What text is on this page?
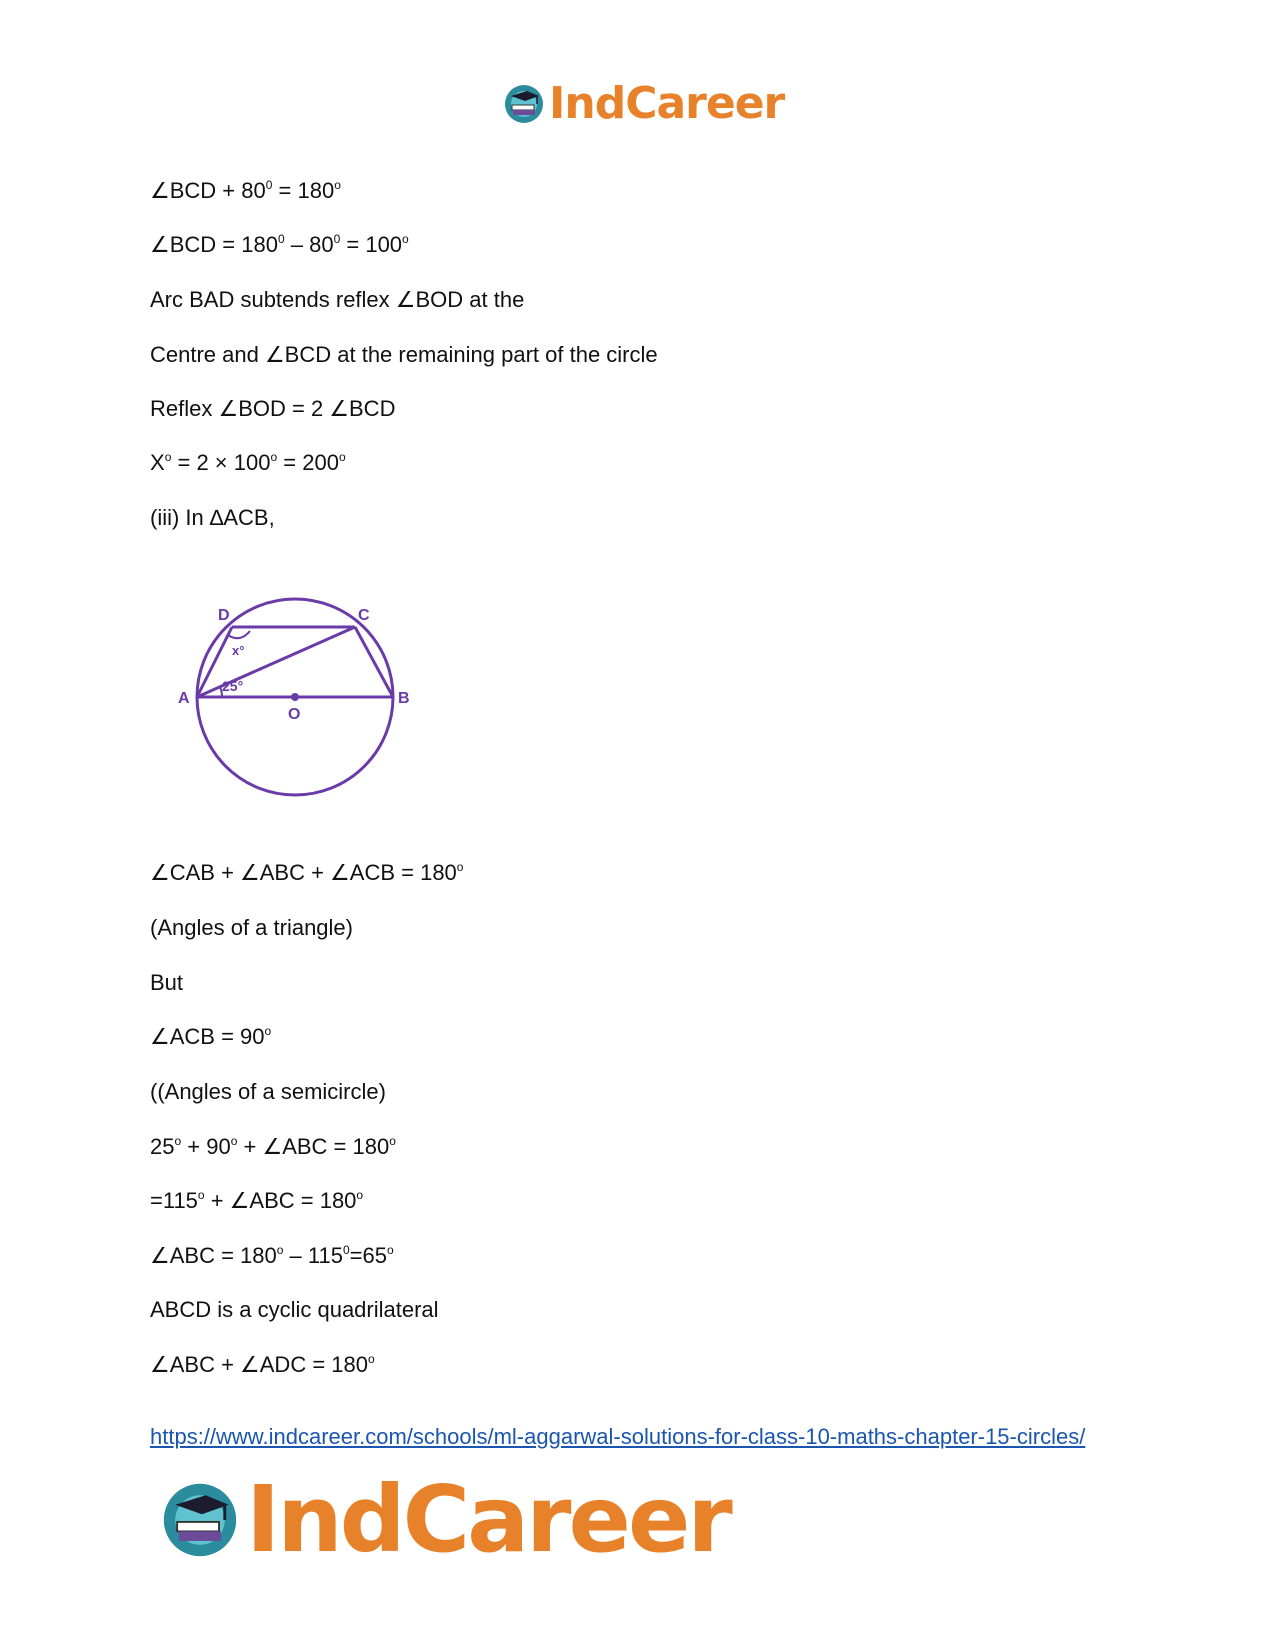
IndCareer
∠BCD + $80^0 = 180^o$
∠BCD = $180^0 - 80^0 = 100^o$
Arc BAD subtends reflex ∠BOD at the
Centre and ∠BCD at the remaining part of the circle
Reflex ∠BOD = 2 ∠BCD
$X^o = 2 \times 100^o = 200^o$
(iii) In ∆ACB,
D	C
A	B
O
x°
25°
∠CAB + ∠ABC + ∠ACB = $180^o$
(Angles of a triangle)
But
∠ACB = $90^o$
((Angles of a semicircle)
$25^o + 90^o$ + ∠ABC = $180^o$
$=115^o$ + ∠ABC = $180^o$
∠ABC = $180^o - 115^0=65^o$
ABCD is a cyclic quadrilateral
∠ABC + ∠ADC = $180^o$
https://www.indcareer.com/schools/ml-aggarwal-solutions-for-class-10-maths-chapter-15-circles/
IndCareer
